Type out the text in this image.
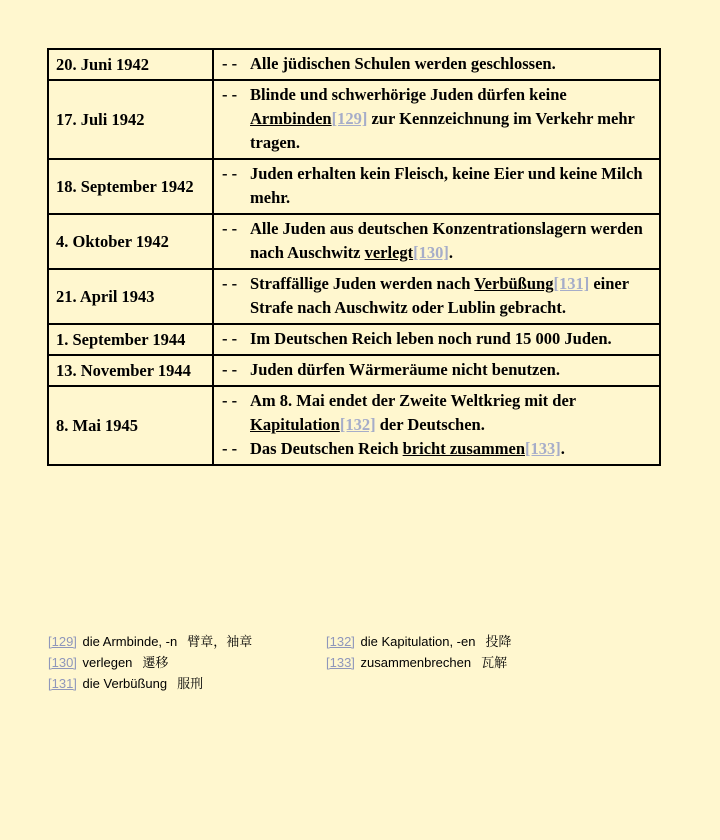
20. Juni 1942	- - Alle jüdischen Schulen werden geschlossen.

17. Juli 1942	- - Blinde und schwerhörige Juden dürfen keine Armbinden[129] zur Kennzeichnung im Verkehr mehr tragen.

18. September 1942	- - Juden erhalten kein Fleisch, keine Eier und keine Milch mehr.

4. Oktober 1942	- - Alle Juden aus deutschen Konzentrationslagern werden nach Auschwitz verlegt[130].

21. April 1943	- - Straffällige Juden werden nach Verbüßung[131] einer Strafe nach Auschwitz oder Lublin gebracht.

1. September 1944	- - Im Deutschen Reich leben noch rund 15 000 Juden.

13. November 1944	- - Juden dürfen Wärmeräume nicht benutzen.

8. Mai 1945	- - Am 8. Mai endet der Zweite Weltkrieg mit der Kapitulation[132] der Deutschen.
- - Das Deutschen Reich bricht zusammen[133].
[129] die Armbinde, -n 臂章，袖章
[130] verlegen 遷移
[131] die Verbüßung 服刑
[132] die Kapitulation, -en 投降
[133] zusammenbrechen 瓦解
